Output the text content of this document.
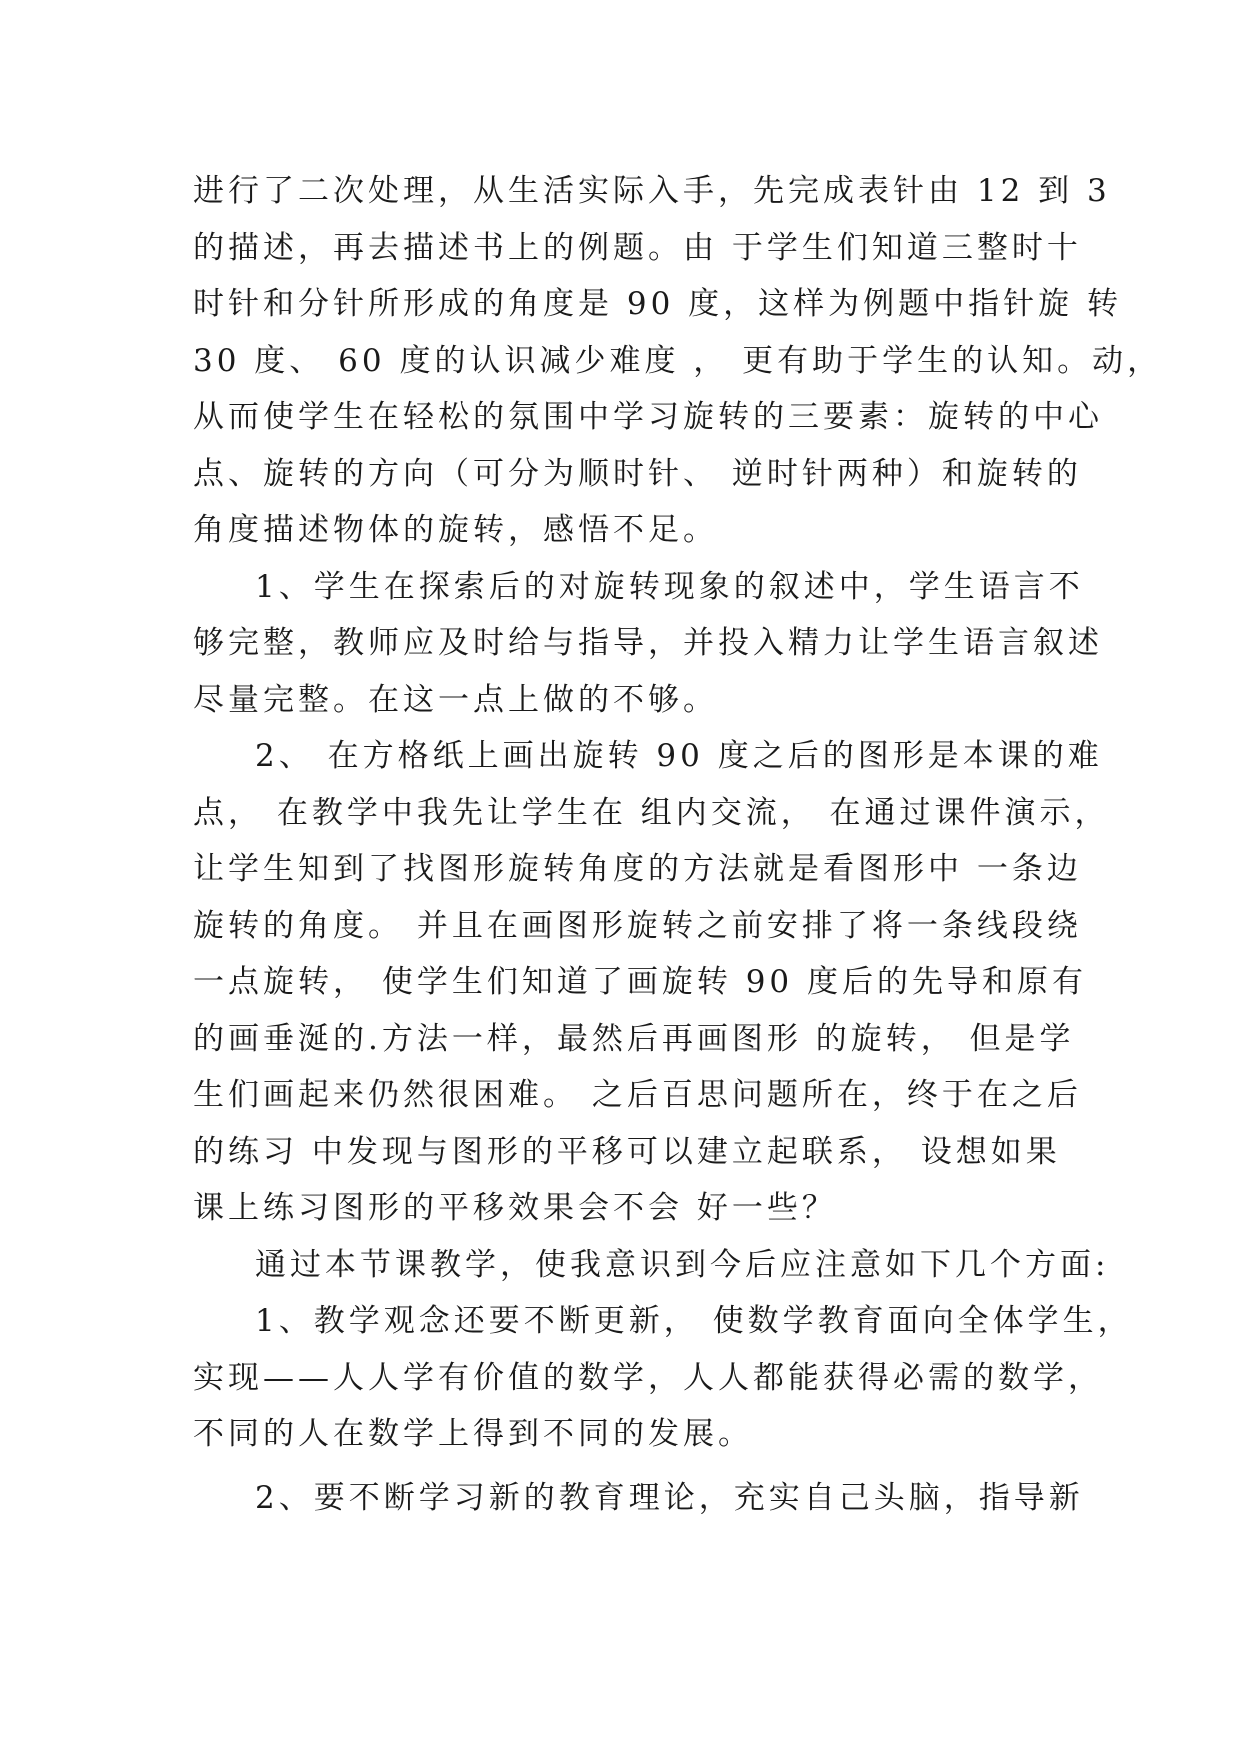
进行了二次处理，从生活实际入手，先完成表针由 12 到 3
的描述，再去描述书上的例题。由 于学生们知道三整时十
时针和分针所形成的角度是 90 度，这样为例题中指针旋 转
30 度、 60 度的认识减少难度 ， 更有助于学生的认知。动，
从而使学生在轻松的氛围中学习旋转的三要素：旋转的中心
点、旋转的方向（可分为顺时针、 逆时针两种）和旋转的
角度描述物体的旋转，感悟不足。
1、学生在探索后的对旋转现象的叙述中，学生语言不
够完整，教师应及时给与指导，并投入精力让学生语言叙述
尽量完整。在这一点上做的不够。
2、 在方格纸上画出旋转 90 度之后的图形是本课的难
点， 在教学中我先让学生在 组内交流， 在通过课件演示，
让学生知到了找图形旋转角度的方法就是看图形中 一条边
旋转的角度。 并且在画图形旋转之前安排了将一条线段绕
一点旋转， 使学生们知道了画旋转 90 度后的先导和原有
的画垂涎的.方法一样，最然后再画图形 的旋转， 但是学
生们画起来仍然很困难。 之后百思问题所在，终于在之后
的练习 中发现与图形的平移可以建立起联系， 设想如果
课上练习图形的平移效果会不会 好一些？
通过本节课教学，使我意识到今后应注意如下几个方面:
1、教学观念还要不断更新， 使数学教育面向全体学生，
实现——人人学有价值的数学，人人都能获得必需的数学，
不同的人在数学上得到不同的发展。
2、要不断学习新的教育理论，充实自己头脑，指导新
